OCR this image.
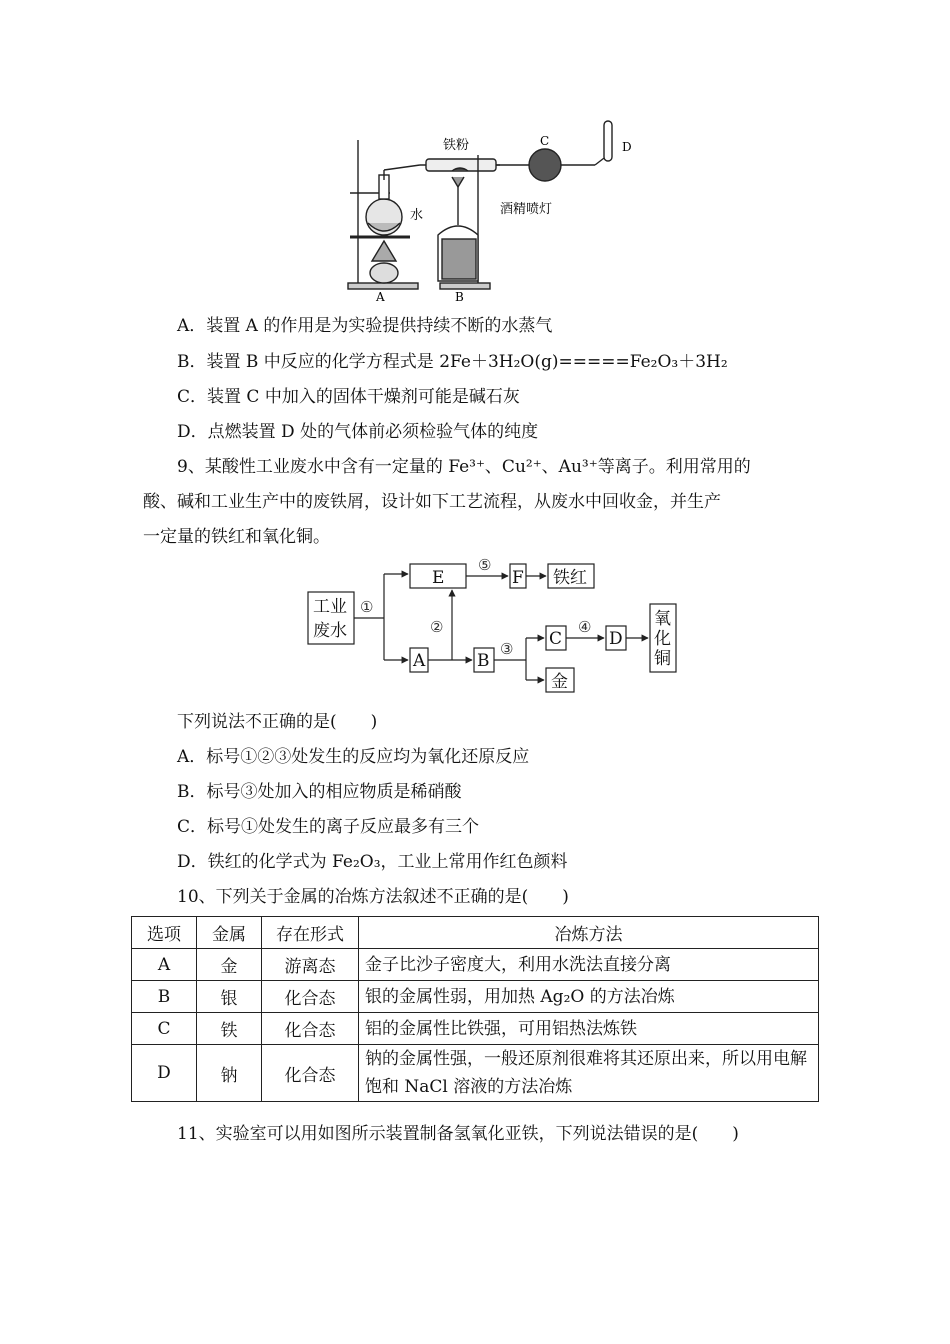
铁粉
水	酒精喷灯
A	B
C	D
A．装置 A 的作用是为实验提供持续不断的水蒸气
B．装置 B 中反应的化学方程式是 2Fe＋3H₂O(g)=====Fe₂O₃＋3H₂
C．装置 C 中加入的固体干燥剂可能是碱石灰
D．点燃装置 D 处的气体前必须检验气体的纯度
9、某酸性工业废水中含有一定量的 Fe³⁺、Cu²⁺、Au³⁺等离子。利用常用的
酸、碱和工业生产中的废铁屑，设计如下工艺流程，从废水中回收金，并生产
一定量的铁红和氧化铜。
工业
废水
E	F 铁红
A	B
C	D
金
氧
化
铜
①
②
③
④
⑤
下列说法不正确的是(　　)
A．标号①②③处发生的反应均为氧化还原反应
B．标号③处加入的相应物质是稀硝酸
C．标号①处发生的离子反应最多有三个
D．铁红的化学式为 Fe₂O₃，工业上常用作红色颜料
10、下列关于金属的冶炼方法叙述不正确的是(　　)
选项	金属	存在形式	冶炼方法
A	金	游离态	金子比沙子密度大，利用水洗法直接分离
B	银	化合态	银的金属性弱，用加热 Ag₂O 的方法冶炼
C	铁	化合态	铝的金属性比铁强，可用铝热法炼铁
D	钠	化合态	钠的金属性强，一般还原剂很难将其还原出来，所以用电解饱和 NaCl 溶液的方法冶炼
11、实验室可以用如图所示装置制备氢氧化亚铁，下列说法错误的是(　　)
